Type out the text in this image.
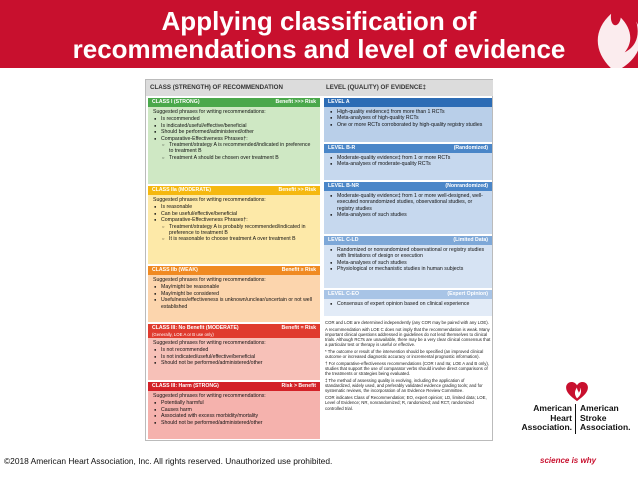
Applying classification of
recommendations and level of evidence
CLASS (STRENGTH) OF RECOMMENDATION	LEVEL (QUALITY) OF EVIDENCE‡
CLASS I (STRONG)	Benefit >>> Risk
Suggested phrases for writing recommendations:
● Is recommended
● Is indicated/useful/effective/beneficial
● Should be performed/administered/other
● Comparative-Effectiveness Phrases†:
○ Treatment/strategy A is recommended/indicated in preference to treatment B
○ Treatment A should be chosen over treatment B
CLASS IIa (MODERATE)	Benefit >> Risk
Suggested phrases for writing recommendations:
● Is reasonable
● Can be useful/effective/beneficial
● Comparative-Effectiveness Phrases†:
○ Treatment/strategy A is probably recommended/indicated in preference to treatment B
○ It is reasonable to choose treatment A over treatment B
CLASS IIb (WEAK)	Benefit ≥ Risk
Suggested phrases for writing recommendations:
● May/might be reasonable
● May/might be considered
● Usefulness/effectiveness is unknown/unclear/uncertain or not well established
CLASS III: No Benefit (MODERATE)
(Generally, LOE A or B use only)
Benefit = Risk
Suggested phrases for writing recommendations:
● Is not recommended
● Is not indicated/useful/effective/beneficial
● Should not be performed/administered/other
CLASS III: Harm (STRONG)	Risk > Benefit
Suggested phrases for writing recommendations:
● Potentially harmful
● Causes harm
● Associated with excess morbidity/mortality
● Should not be performed/administered/other
LEVEL A
● High-quality evidence‡ from more than 1 RCTs
● Meta-analyses of high-quality RCTs
● One or more RCTs corroborated by high-quality registry studies
LEVEL B-R	(Randomized)
● Moderate-quality evidence‡ from 1 or more RCTs
● Meta-analyses of moderate-quality RCTs
LEVEL B-NR	(Nonrandomized)
● Moderate-quality evidence‡ from 1 or more well-designed, well-executed nonrandomized studies, observational studies, or registry studies
● Meta-analyses of such studies
LEVEL C-LD	(Limited Data)
● Randomized or nonrandomized observational or registry studies with limitations of design or execution
● Meta-analyses of such studies
● Physiological or mechanistic studies in human subjects
LEVEL C-EO	(Expert Opinion)
● Consensus of expert opinion based on clinical experience

COR and LOE are determined independently (any COR may be paired with any LOE).

A recommendation with LOE C does not imply that the recommendation is weak. Many important clinical questions addressed in guidelines do not lend themselves to clinical trials. Although RCTs are unavailable, there may be a very clear clinical consensus that a particular test or therapy is useful or effective.

* The outcome or result of the intervention should be specified (an improved clinical outcome or increased diagnostic accuracy or incremental prognostic information).

† For comparative-effectiveness recommendations (COR I and IIa; LOE A and B only), studies that support the use of comparator verbs should involve direct comparisons of the treatments or strategies being evaluated.

‡ The method of assessing quality is evolving, including the application of standardized, widely used, and preferably validated evidence grading tools; and for systematic reviews, the incorporation of an Evidence Review Committee.

COR indicates Class of Recommendation; EO, expert opinion; LD, limited data; LOE, Level of Evidence; NR, nonrandomized; R, randomized; and RCT, randomized controlled trial.

©2018 American Heart Association, Inc. All rights reserved. Unauthorized use prohibited.
American
Heart
Association.
American
Stroke
Association.
science is why
